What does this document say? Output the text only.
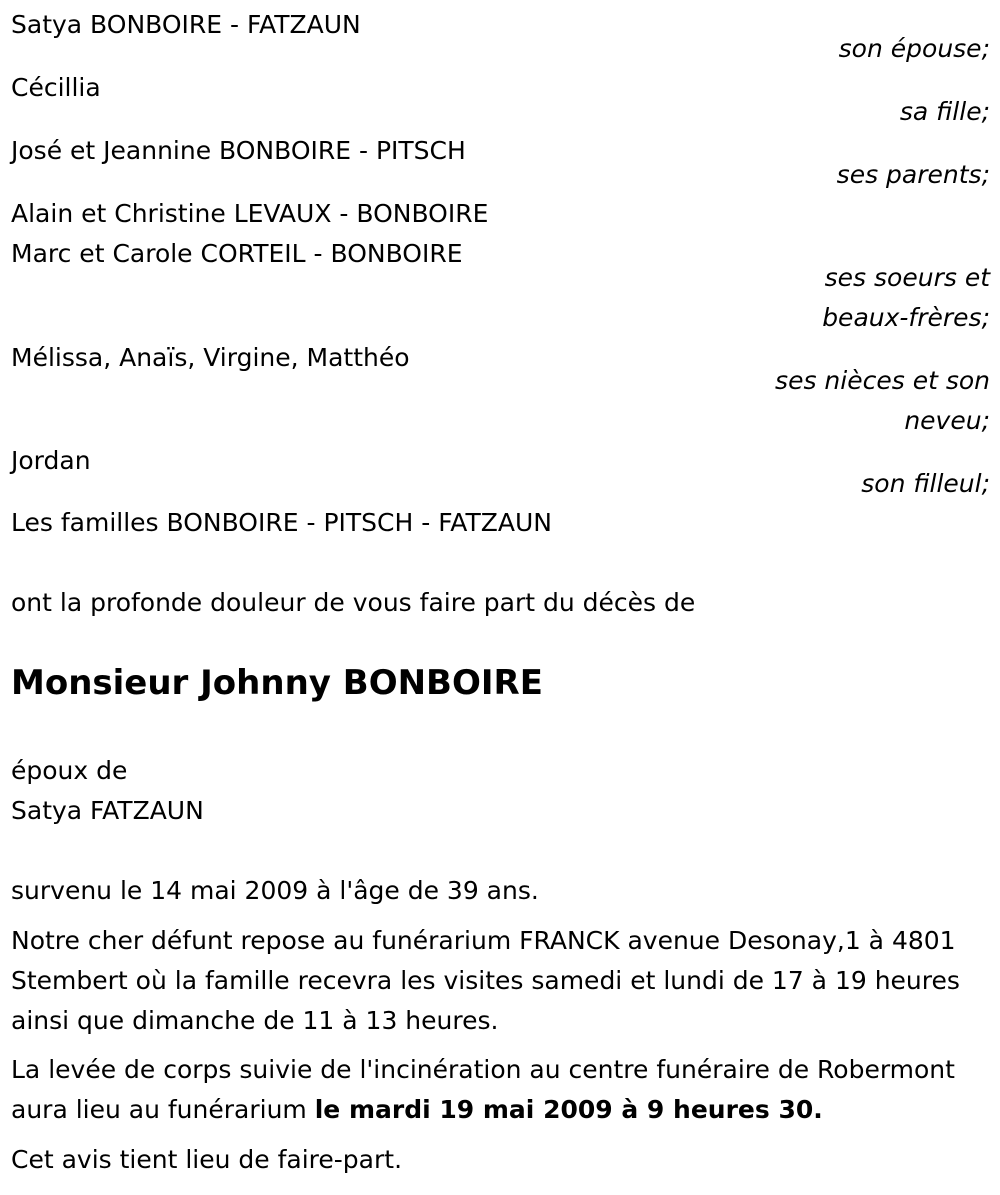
Satya BONBOIRE - FATZAUN
son épouse;
Cécillia
sa fille;
José et Jeannine BONBOIRE - PITSCH
ses parents;
Alain et Christine LEVAUX - BONBOIRE
Marc et Carole CORTEIL - BONBOIRE
ses soeurs et
beaux-frères;
Mélissa, Anaïs, Virgine, Matthéo
ses nièces et son
neveu;
Jordan
son filleul;
Les familles BONBOIRE - PITSCH - FATZAUN
ont la profonde douleur de vous faire part du décès de
Monsieur Johnny BONBOIRE
époux de
Satya FATZAUN
survenu le 14 mai 2009 à l'âge de 39 ans.
Notre cher défunt repose au funérarium FRANCK avenue Desonay,1 à 4801 Stembert où la famille recevra les visites samedi et lundi de 17 à 19 heures ainsi que dimanche de 11 à 13 heures.
La levée de corps suivie de l'incinération au centre funéraire de Robermont aura lieu au funérarium le mardi 19 mai 2009 à 9 heures 30.
Cet avis tient lieu de faire-part.
